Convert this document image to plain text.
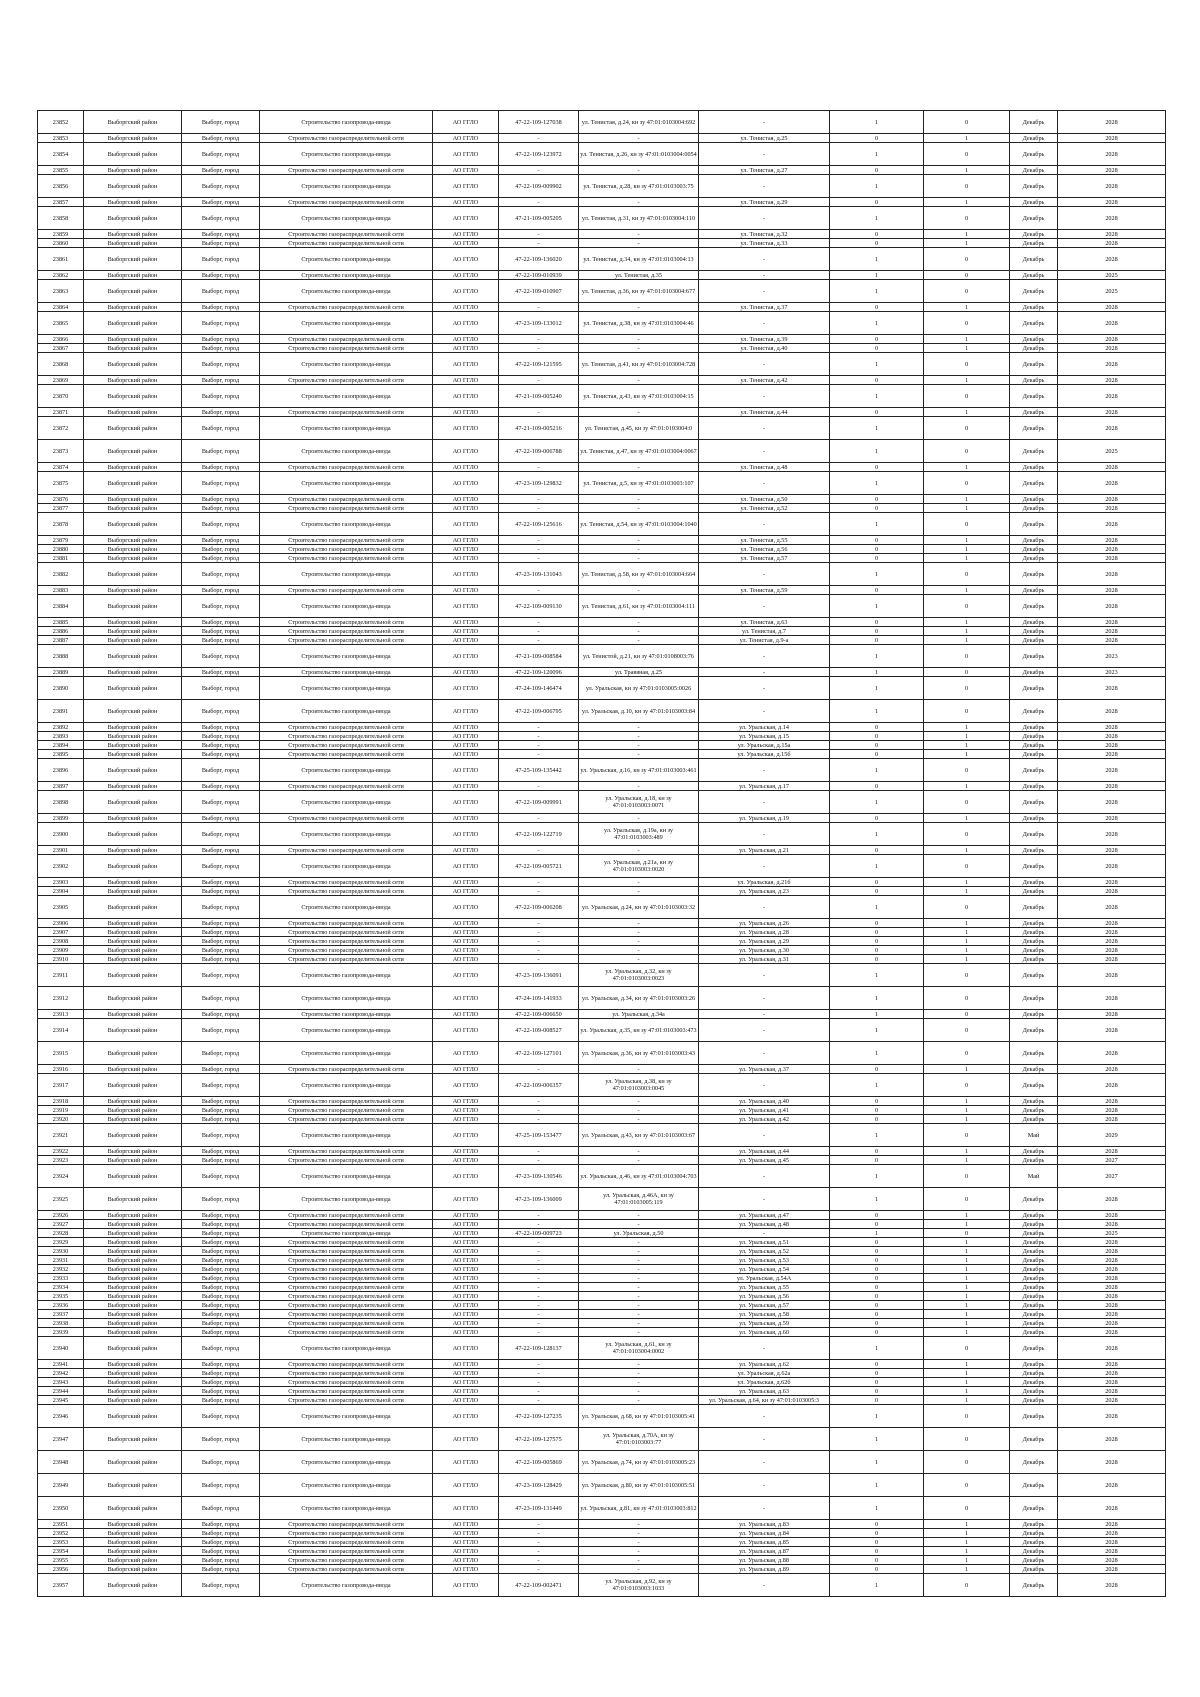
23852	Выборгский район	Выборг, город	Строительство газопровода-ввода	АО ГГЛО	47-22-109-127038	ул. Тенистая, д.24, кн зу 47:01:0103004:692	-	1	0	Декабрь	2028
23853	Выборгский район	Выборг, город	Строительство газораспределительной сети	АО ГГЛО	-	-	ул. Тенистая, д.25	0	1	Декабрь	2028
23854	Выборгский район	Выборг, город	Строительство газопровода-ввода	АО ГГЛО	47-22-109-123972	ул. Тенистая, д.26, кн зу 47:01:0103004:0054	-	1	0	Декабрь	2028
23855	Выборгский район	Выборг, город	Строительство газораспределительной сети	АО ГГЛО	-	-	ул. Тенистая, д.27	0	1	Декабрь	2028
23856	Выборгский район	Выборг, город	Строительство газопровода-ввода	АО ГГЛО	47-22-109-009902	ул. Тенистая, д.28, кн зу 47:01:0103003:75	-	1	0	Декабрь	2028
23857	Выборгский район	Выборг, город	Строительство газораспределительной сети	АО ГГЛО	-	-	ул. Тенистая, д.29	0	1	Декабрь	2028
23858	Выборгский район	Выборг, город	Строительство газопровода-ввода	АО ГГЛО	47-21-109-005205	ул. Тенистая, д.31, кн зу 47:01:0103004:110	-	1	0	Декабрь	2028
23859	Выборгский район	Выборг, город	Строительство газораспределительной сети	АО ГГЛО	-	-	ул. Тенистая, д.32	0	1	Декабрь	2028
23860	Выборгский район	Выборг, город	Строительство газораспределительной сети	АО ГГЛО	-	-	ул. Тенистая, д.33	0	1	Декабрь	2028
23861	Выборгский район	Выборг, город	Строительство газопровода-ввода	АО ГГЛО	47-22-109-136020	ул. Тенистая, д.34, кн зу 47:01:0103004:13	-	1	0	Декабрь	2028
23862	Выборгский район	Выборг, город	Строительство газопровода-ввода	АО ГГЛО	47-22-109-010939	ул. Тенистая, д.35	-	1	0	Декабрь	2025
23863	Выборгский район	Выборг, город	Строительство газопровода-ввода	АО ГГЛО	47-22-109-010907	ул. Тенистая, д.36, кн зу 47:01:0103004:677	-	1	0	Декабрь	2025
23864	Выборгский район	Выборг, город	Строительство газораспределительной сети	АО ГГЛО	-	-	ул. Тенистая, д.37	0	1	Декабрь	2028
23865	Выборгский район	Выборг, город	Строительство газопровода-ввода	АО ГГЛО	47-23-109-133012	ул. Тенистая, д.38, кн зу 47:01:0103004:46	-	1	0	Декабрь	2028
23866	Выборгский район	Выборг, город	Строительство газораспределительной сети	АО ГГЛО	-	-	ул. Тенистая, д.39	0	1	Декабрь	2028
23867	Выборгский район	Выборг, город	Строительство газораспределительной сети	АО ГГЛО	-	-	ул. Тенистая, д.40	0	1	Декабрь	2028
23868	Выборгский район	Выборг, город	Строительство газопровода-ввода	АО ГГЛО	47-22-109-121595	ул. Тенистая, д.41, кн зу 47:01:0103004:728	-	1	0	Декабрь	2028
23869	Выборгский район	Выборг, город	Строительство газораспределительной сети	АО ГГЛО	-	-	ул. Тенистая, д.42	0	1	Декабрь	2028
23870	Выборгский район	Выборг, город	Строительство газопровода-ввода	АО ГГЛО	47-21-109-005240	ул. Тенистая, д.43, кн зу 47:01:0103004:15	-	1	0	Декабрь	2028
23871	Выборгский район	Выборг, город	Строительство газораспределительной сети	АО ГГЛО	-	-	ул. Тенистая, д.44	0	1	Декабрь	2028
23872	Выборгский район	Выборг, город	Строительство газопровода-ввода	АО ГГЛО	47-21-109-005216	ул. Тенистая, д.45, кн зу 47:01:0103004:0	-	1	0	Декабрь	2028
23873	Выборгский район	Выборг, город	Строительство газопровода-ввода	АО ГГЛО	47-22-109-006788	ул. Тенистая, д.47, кн зу 47:01:0103004:0067	-	1	0	Декабрь	2025
23874	Выборгский район	Выборг, город	Строительство газораспределительной сети	АО ГГЛО	-	-	ул. Тенистая, д.48	0	1	Декабрь	2028
23875	Выборгский район	Выборг, город	Строительство газопровода-ввода	АО ГГЛО	47-23-109-129832	ул. Тенистая, д.5, кн зу 47:01:0103003:107	-	1	0	Декабрь	2028
23876	Выборгский район	Выборг, город	Строительство газораспределительной сети	АО ГГЛО	-	-	ул. Тенистая, д.50	0	1	Декабрь	2028
23877	Выборгский район	Выборг, город	Строительство газораспределительной сети	АО ГГЛО	-	-	ул. Тенистая, д.52	0	1	Декабрь	2028
23878	Выборгский район	Выборг, город	Строительство газопровода-ввода	АО ГГЛО	47-22-109-125616	ул. Тенистая, д.54, кн зу 47:01:0103004:1040	-	1	0	Декабрь	2028
23879	Выборгский район	Выборг, город	Строительство газораспределительной сети	АО ГГЛО	-	-	ул. Тенистая, д.55	0	1	Декабрь	2028
23880	Выборгский район	Выборг, город	Строительство газораспределительной сети	АО ГГЛО	-	-	ул. Тенистая, д.56	0	1	Декабрь	2028
23881	Выборгский район	Выборг, город	Строительство газораспределительной сети	АО ГГЛО	-	-	ул. Тенистая, д.57	0	1	Декабрь	2028
23882	Выборгский район	Выборг, город	Строительство газопровода-ввода	АО ГГЛО	47-23-109-131043	ул. Тенистая, д.58, кн зу 47:01:0103004:664	-	1	0	Декабрь	2028
23883	Выборгский район	Выборг, город	Строительство газораспределительной сети	АО ГГЛО	-	-	ул. Тенистая, д.59	0	1	Декабрь	2028
23884	Выборгский район	Выборг, город	Строительство газопровода-ввода	АО ГГЛО	47-22-109-009130	ул. Тенистая, д.61, кн зу 47:01:0103004:111	-	1	0	Декабрь	2028
23885	Выборгский район	Выборг, город	Строительство газораспределительной сети	АО ГГЛО	-	-	ул. Тенистая, д.63	0	1	Декабрь	2028
23886	Выборгский район	Выборг, город	Строительство газораспределительной сети	АО ГГЛО	-	-	ул. Тенистая, д.7	0	1	Декабрь	2028
23887	Выборгский район	Выборг, город	Строительство газораспределительной сети	АО ГГЛО	-	-	ул. Тенистая, д.9-а	0	1	Декабрь	2028
23888	Выборгский район	Выборг, город	Строительство газопровода-ввода	АО ГГЛО	47-21-109-008584	ул. Тенистой, д.21, кн зу 47:01:0108003:76	-	1	0	Декабрь	2023
23889	Выборгский район	Выборг, город	Строительство газопровода-ввода	АО ГГЛО	47-22-109-120096	ул. Травяная, д.25	-	1	0	Декабрь	2023
23890	Выборгский район	Выборг, город	Строительство газопровода-ввода	АО ГГЛО	47-24-109-146474	ул. Уральская, кн зу 47:01:0103005:0026	-	1	0	Декабрь	2028
23891	Выборгский район	Выборг, город	Строительство газопровода-ввода	АО ГГЛО	47-22-109-006795	ул. Уральская, д.10, кн зу 47:01:0103003:84	-	1	0	Декабрь	2028
23892	Выборгский район	Выборг, город	Строительство газораспределительной сети	АО ГГЛО	-	-	ул. Уральская, д.14	0	1	Декабрь	2028
23893	Выборгский район	Выборг, город	Строительство газораспределительной сети	АО ГГЛО	-	-	ул. Уральская, д.15	0	1	Декабрь	2028
23894	Выборгский район	Выборг, город	Строительство газораспределительной сети	АО ГГЛО	-	-	ул. Уральская, д.15а	0	1	Декабрь	2028
23895	Выборгский район	Выборг, город	Строительство газораспределительной сети	АО ГГЛО	-	-	ул. Уральская, д.15б	0	1	Декабрь	2028
23896	Выборгский район	Выборг, город	Строительство газопровода-ввода	АО ГГЛО	47-25-109-135442	ул. Уральская, д.16, кн зу 47:01:0103003:461	-	1	0	Декабрь	2028
23897	Выборгский район	Выборг, город	Строительство газораспределительной сети	АО ГГЛО	-	-	ул. Уральская, д.17	0	1	Декабрь	2028
23898	Выборгский район	Выборг, город	Строительство газопровода-ввода	АО ГГЛО	47-22-109-009991	ул. Уральская, д.18, кн зу 47:01:0103003:0071	-	1	0	Декабрь	2028
23899	Выборгский район	Выборг, город	Строительство газораспределительной сети	АО ГГЛО	-	-	ул. Уральская, д.19	0	1	Декабрь	2028
23900	Выборгский район	Выборг, город	Строительство газопровода-ввода	АО ГГЛО	47-22-109-122719	ул. Уральская, д.19а, кн зу 47:01:0103003:489	-	1	0	Декабрь	2028
23901	Выборгский район	Выборг, город	Строительство газораспределительной сети	АО ГГЛО	-	-	ул. Уральская, д.21	0	1	Декабрь	2028
23902	Выборгский район	Выборг, город	Строительство газопровода-ввода	АО ГГЛО	47-22-109-005721	ул. Уральская, д.21а, кн зу 47:01:0103003:0020	-	1	0	Декабрь	2028
23903	Выборгский район	Выборг, город	Строительство газораспределительной сети	АО ГГЛО	-	-	ул. Уральская, д.21б	0	1	Декабрь	2028
23904	Выборгский район	Выборг, город	Строительство газораспределительной сети	АО ГГЛО	-	-	ул. Уральская, д.23	0	1	Декабрь	2028
23905	Выборгский район	Выборг, город	Строительство газопровода-ввода	АО ГГЛО	47-22-109-006208	ул. Уральская, д.24, кн зу 47:01:0103003:32	-	1	0	Декабрь	2028
23906	Выборгский район	Выборг, город	Строительство газораспределительной сети	АО ГГЛО	-	-	ул. Уральская, д.26	0	1	Декабрь	2028
23907	Выборгский район	Выборг, город	Строительство газораспределительной сети	АО ГГЛО	-	-	ул. Уральская, д.28	0	1	Декабрь	2028
23908	Выборгский район	Выборг, город	Строительство газораспределительной сети	АО ГГЛО	-	-	ул. Уральская, д.29	0	1	Декабрь	2028
23909	Выборгский район	Выборг, город	Строительство газораспределительной сети	АО ГГЛО	-	-	ул. Уральская, д.30	0	1	Декабрь	2028
23910	Выборгский район	Выборг, город	Строительство газораспределительной сети	АО ГГЛО	-	-	ул. Уральская, д.31	0	1	Декабрь	2028
23911	Выборгский район	Выборг, город	Строительство газопровода-ввода	АО ГГЛО	47-23-109-136091	ул. Уральская, д.32, кн зу 47:01:0103003:0023	-	1	0	Декабрь	2028
23912	Выборгский район	Выборг, город	Строительство газопровода-ввода	АО ГГЛО	47-24-109-141933	ул. Уральская, д.34, кн зу 47:01:0103003:26	-	1	0	Декабрь	2028
23913	Выборгский район	Выборг, город	Строительство газопровода-ввода	АО ГГЛО	47-22-109-006650	ул. Уральская, д.34а	-	1	0	Декабрь	2028
23914	Выборгский район	Выборг, город	Строительство газопровода-ввода	АО ГГЛО	47-22-109-008527	ул. Уральская, д.35, кн зу 47:01:0103003:473	-	1	0	Декабрь	2028
23915	Выборгский район	Выборг, город	Строительство газопровода-ввода	АО ГГЛО	47-22-109-127101	ул. Уральская, д.36, кн зу 47:01:0103003:43	-	1	0	Декабрь	2028
23916	Выборгский район	Выборг, город	Строительство газораспределительной сети	АО ГГЛО	-	-	ул. Уральская, д.37	0	1	Декабрь	2028
23917	Выборгский район	Выборг, город	Строительство газопровода-ввода	АО ГГЛО	47-22-109-006357	ул. Уральская, д.38, кн зу 47:01:0103003:0045	-	1	0	Декабрь	2028
23918	Выборгский район	Выборг, город	Строительство газораспределительной сети	АО ГГЛО	-	-	ул. Уральская, д.40	0	1	Декабрь	2028
23919	Выборгский район	Выборг, город	Строительство газораспределительной сети	АО ГГЛО	-	-	ул. Уральская, д.41	0	1	Декабрь	2028
23920	Выборгский район	Выборг, город	Строительство газораспределительной сети	АО ГГЛО	-	-	ул. Уральская, д.42	0	1	Декабрь	2028
23921	Выборгский район	Выборг, город	Строительство газопровода-ввода	АО ГГЛО	47-25-109-153477	ул. Уральская, д.43, кн зу 47:01:0103003:67	-	1	0	Май	2029
23922	Выборгский район	Выборг, город	Строительство газораспределительной сети	АО ГГЛО	-	-	ул. Уральская, д.44	0	1	Декабрь	2028
23923	Выборгский район	Выборг, город	Строительство газораспределительной сети	АО ГГЛО	-	-	ул. Уральская, д.45	0	1	Декабрь	2027
23924	Выборгский район	Выборг, город	Строительство газопровода-ввода	АО ГГЛО	47-23-109-130546	ул. Уральская, д.46, кн зу 47:01:0103004:703	-	1	0	Май	2027
23925	Выборгский район	Выборг, город	Строительство газопровода-ввода	АО ГГЛО	47-23-109-136009	ул. Уральская, д.46А, кн зу 47:01:0103005:119	-	1	0	Декабрь	2028
23926	Выборгский район	Выборг, город	Строительство газораспределительной сети	АО ГГЛО	-	-	ул. Уральская, д.47	0	1	Декабрь	2028
23927	Выборгский район	Выборг, город	Строительство газораспределительной сети	АО ГГЛО	-	-	ул. Уральская, д.48	0	1	Декабрь	2028
23928	Выборгский район	Выборг, город	Строительство газопровода-ввода	АО ГГЛО	47-22-109-009723	ул. Уральская, д.50	-	1	0	Декабрь	2025
23929	Выборгский район	Выборг, город	Строительство газораспределительной сети	АО ГГЛО	-	-	ул. Уральская, д.51	0	1	Декабрь	2028
23930	Выборгский район	Выборг, город	Строительство газораспределительной сети	АО ГГЛО	-	-	ул. Уральская, д.52	0	1	Декабрь	2028
23931	Выборгский район	Выборг, город	Строительство газораспределительной сети	АО ГГЛО	-	-	ул. Уральская, д.53	0	1	Декабрь	2028
23932	Выборгский район	Выборг, город	Строительство газораспределительной сети	АО ГГЛО	-	-	ул. Уральская, д.54	0	1	Декабрь	2028
23933	Выборгский район	Выборг, город	Строительство газораспределительной сети	АО ГГЛО	-	-	ул. Уральская, д.54А	0	1	Декабрь	2028
23934	Выборгский район	Выборг, город	Строительство газораспределительной сети	АО ГГЛО	-	-	ул. Уральская, д.55	0	1	Декабрь	2028
23935	Выборгский район	Выборг, город	Строительство газораспределительной сети	АО ГГЛО	-	-	ул. Уральская, д.56	0	1	Декабрь	2028
23936	Выборгский район	Выборг, город	Строительство газораспределительной сети	АО ГГЛО	-	-	ул. Уральская, д.57	0	1	Декабрь	2028
23937	Выборгский район	Выборг, город	Строительство газораспределительной сети	АО ГГЛО	-	-	ул. Уральская, д.58	0	1	Декабрь	2028
23938	Выборгский район	Выборг, город	Строительство газораспределительной сети	АО ГГЛО	-	-	ул. Уральская, д.59	0	1	Декабрь	2028
23939	Выборгский район	Выборг, город	Строительство газораспределительной сети	АО ГГЛО	-	-	ул. Уральская, д.60	0	1	Декабрь	2028
23940	Выборгский район	Выборг, город	Строительство газопровода-ввода	АО ГГЛО	47-22-109-128137	ул. Уральская, д.61, кн зу 47:01:0103004:0002	-	1	0	Декабрь	2028
23941	Выборгский район	Выборг, город	Строительство газораспределительной сети	АО ГГЛО	-	-	ул. Уральская, д.62	0	1	Декабрь	2028
23942	Выборгский район	Выборг, город	Строительство газораспределительной сети	АО ГГЛО	-	-	ул. Уральская, д.62а	0	1	Декабрь	2028
23943	Выборгский район	Выборг, город	Строительство газораспределительной сети	АО ГГЛО	-	-	ул. Уральская, д.62б	0	1	Декабрь	2028
23944	Выборгский район	Выборг, город	Строительство газораспределительной сети	АО ГГЛО	-	-	ул. Уральская, д.63	0	1	Декабрь	2028
23945	Выборгский район	Выборг, город	Строительство газораспределительной сети	АО ГГЛО	-	-	ул. Уральская, д.64, кн зу 47:01:0103005:3	0	1	Декабрь	2028
23946	Выборгский район	Выборг, город	Строительство газопровода-ввода	АО ГГЛО	47-22-109-127235	ул. Уральская, д.68, кн зу 47:01:0103005:41	-	1	0	Декабрь	2028
23947	Выборгский район	Выборг, город	Строительство газопровода-ввода	АО ГГЛО	47-22-109-127575	ул. Уральская, д.70А, кн зу 47:01:0103003:77	-	1	0	Декабрь	2028
23948	Выборгский район	Выборг, город	Строительство газопровода-ввода	АО ГГЛО	47-22-109-005869	ул. Уральская, д.74, кн зу 47:01:0103005:23	-	1	0	Декабрь	2028
23949	Выборгский район	Выборг, город	Строительство газопровода-ввода	АО ГГЛО	47-23-109-128429	ул. Уральская, д.80, кн зу 47:01:0103005:51	-	1	0	Декабрь	2028
23950	Выборгский район	Выборг, город	Строительство газопровода-ввода	АО ГГЛО	47-23-109-131449	ул. Уральская, д.81, кн зу 47:01:0103003:812	-	1	0	Декабрь	2028
23951	Выборгский район	Выборг, город	Строительство газораспределительной сети	АО ГГЛО	-	-	ул. Уральская, д.83	0	1	Декабрь	2028
23952	Выборгский район	Выборг, город	Строительство газораспределительной сети	АО ГГЛО	-	-	ул. Уральская, д.84	0	1	Декабрь	2028
23953	Выборгский район	Выборг, город	Строительство газораспределительной сети	АО ГГЛО	-	-	ул. Уральская, д.85	0	1	Декабрь	2028
23954	Выборгский район	Выборг, город	Строительство газораспределительной сети	АО ГГЛО	-	-	ул. Уральская, д.87	0	1	Декабрь	2028
23955	Выборгский район	Выборг, город	Строительство газораспределительной сети	АО ГГЛО	-	-	ул. Уральская, д.88	0	1	Декабрь	2028
23956	Выборгский район	Выборг, город	Строительство газораспределительной сети	АО ГГЛО	-	-	ул. Уральская, д.89	0	1	Декабрь	2028
23957	Выборгский район	Выборг, город	Строительство газопровода-ввода	АО ГГЛО	47-22-109-002471	ул. Уральская, д.92, кн зу 47:01:0103003:1033	-	1	0	Декабрь	2028
